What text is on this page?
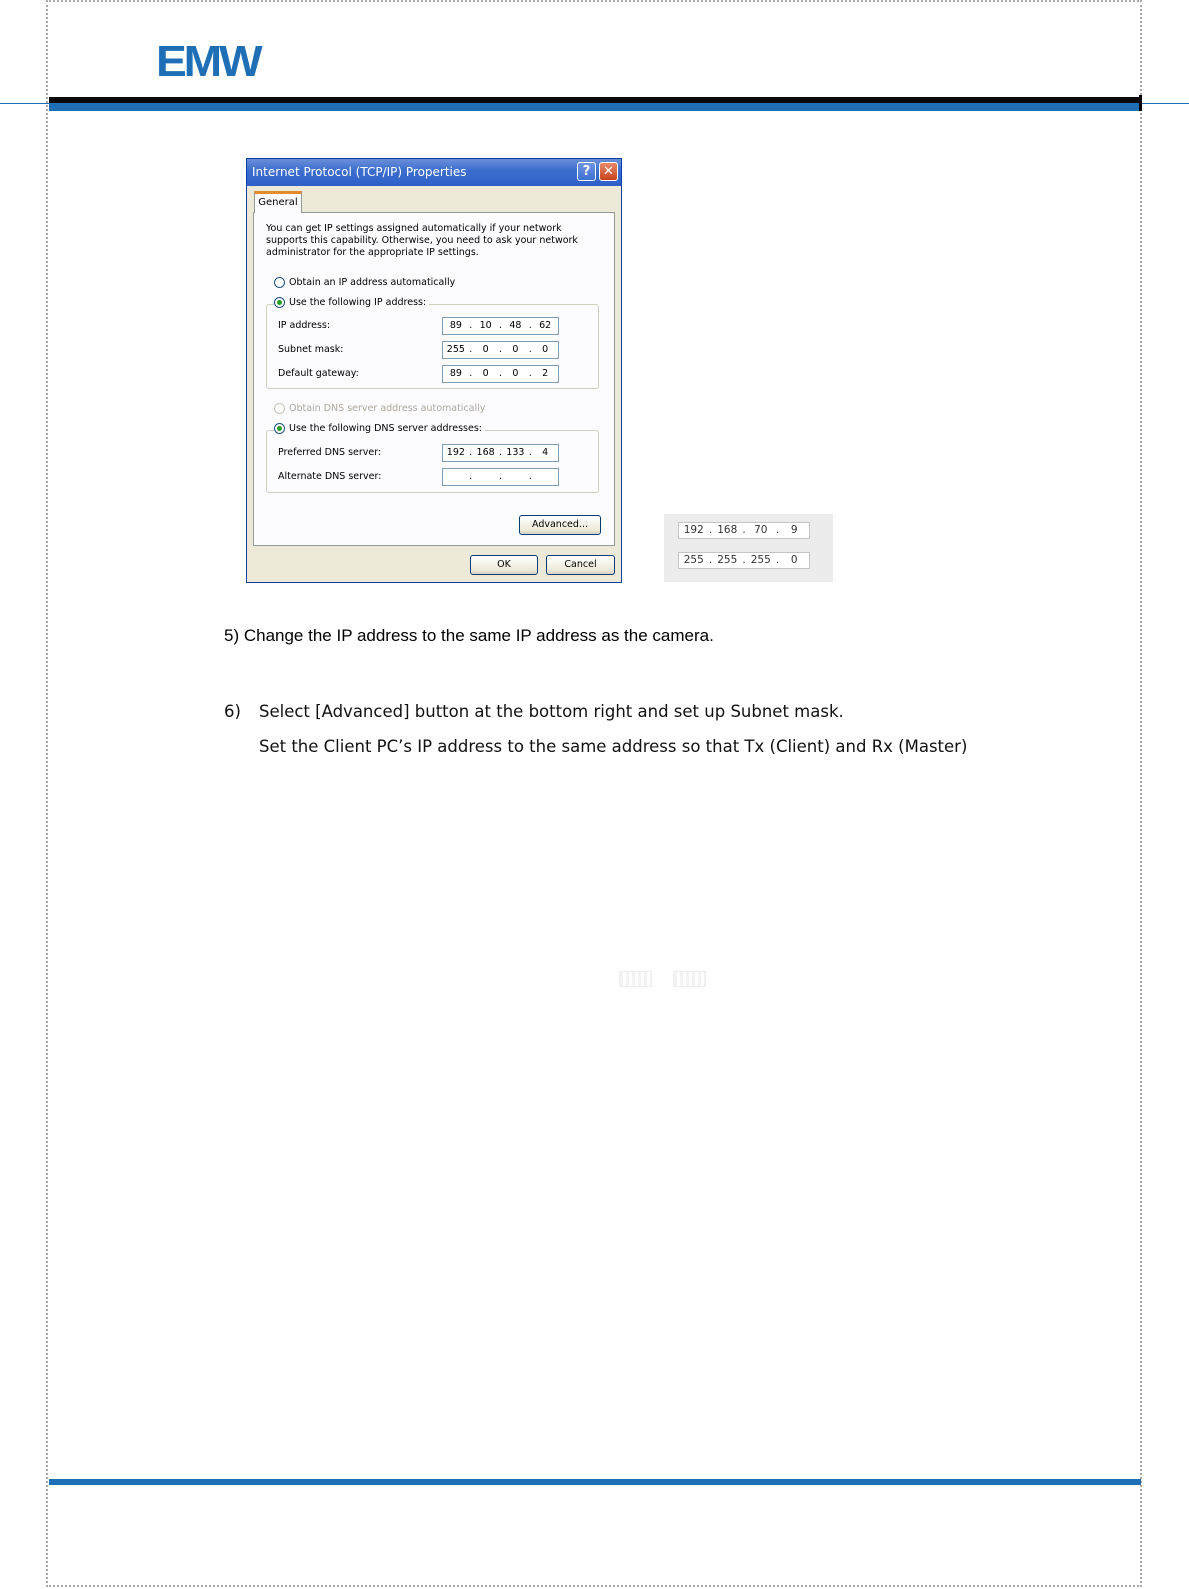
EMW
Internet Protocol (TCP/IP) Properties	? ✕
General
You can get IP settings assigned automatically if your network supports this capability. Otherwise, you need to ask your network administrator for the appropriate IP settings.
Obtain an IP address automatically
Use the following IP address:
IP address:	89 . 10 . 48 . 62
Subnet mask:	255 .	0	.	0	.	0
Default gateway:	89 .	0	.	0	.	2
Obtain DNS server address automatically
Use the following DNS server addresses:
Preferred DNS server:	192 . 168 . 133 .	4
Alternate DNS server:	.	.	.
Advanced...
OK	Cancel
192 . 168 . 70 .	9
255 . 255 . 255 .	0
5) Change the IP address to the same IP address as the camera.
6) Select [Advanced] button at the bottom right and set up Subnet mask.
Set the Client PC’s IP address to the same address so that Tx (Client) and Rx (Master)
